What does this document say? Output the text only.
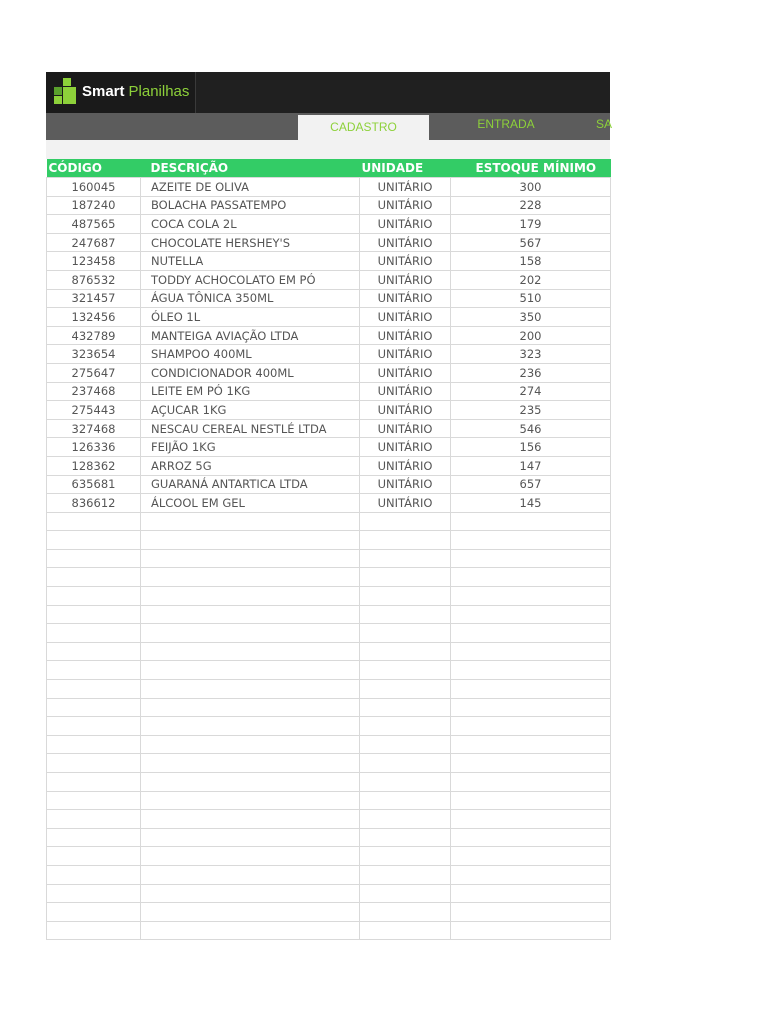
Smart Planilhas
CADASTRO	ENTRADA	SA
CÓDIGO	DESCRIÇÃO	UNIDADE	ESTOQUE MÍNIMO
160045	AZEITE DE OLIVA	UNITÁRIO	300
187240	BOLACHA PASSATEMPO	UNITÁRIO	228
487565	COCA COLA 2L	UNITÁRIO	179
247687	CHOCOLATE HERSHEY'S	UNITÁRIO	567
123458	NUTELLA	UNITÁRIO	158
876532	TODDY ACHOCOLATO EM PÓ	UNITÁRIO	202
321457	ÁGUA TÔNICA 350ML	UNITÁRIO	510
132456	ÓLEO 1L	UNITÁRIO	350
432789	MANTEIGA AVIAÇÃO LTDA	UNITÁRIO	200
323654	SHAMPOO 400ML	UNITÁRIO	323
275647	CONDICIONADOR 400ML	UNITÁRIO	236
237468	LEITE EM PÓ 1KG	UNITÁRIO	274
275443	AÇUCAR 1KG	UNITÁRIO	235
327468	NESCAU CEREAL NESTLÉ LTDA	UNITÁRIO	546
126336	FEIJÃO 1KG	UNITÁRIO	156
128362	ARROZ 5G	UNITÁRIO	147
635681	GUARANÁ ANTARTICA LTDA	UNITÁRIO	657
836612	ÁLCOOL EM GEL	UNITÁRIO	145
